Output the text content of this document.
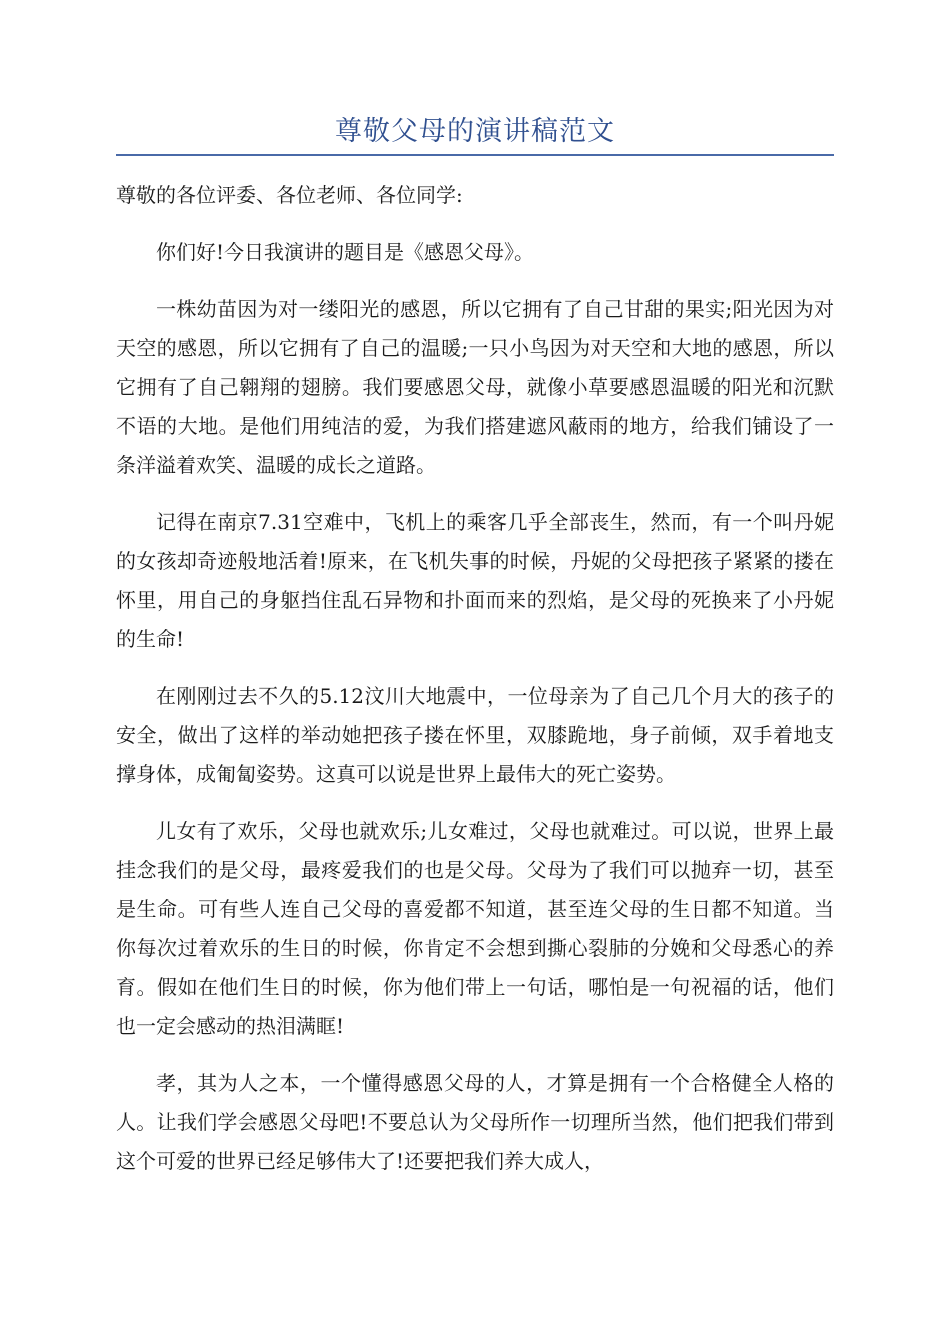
尊敬父母的演讲稿范文

尊敬的各位评委、各位老师、各位同学:

你们好!今日我演讲的题目是《感恩父母》。

一株幼苗因为对一缕阳光的感恩，所以它拥有了自己甘甜的果实;阳光因为对天空的感恩，所以它拥有了自己的温暖;一只小鸟因为对天空和大地的感恩，所以它拥有了自己翱翔的翅膀。我们要感恩父母，就像小草要感恩温暖的阳光和沉默不语的大地。是他们用纯洁的爱，为我们搭建遮风蔽雨的地方，给我们铺设了一条洋溢着欢笑、温暖的成长之道路。

记得在南京7.31空难中，飞机上的乘客几乎全部丧生，然而，有一个叫丹妮的女孩却奇迹般地活着!原来，在飞机失事的时候，丹妮的父母把孩子紧紧的搂在怀里，用自己的身躯挡住乱石异物和扑面而来的烈焰，是父母的死换来了小丹妮的生命!

在刚刚过去不久的5.12汶川大地震中，一位母亲为了自己几个月大的孩子的安全，做出了这样的举动她把孩子搂在怀里，双膝跪地，身子前倾，双手着地支撑身体，成匍匐姿势。这真可以说是世界上最伟大的死亡姿势。

儿女有了欢乐，父母也就欢乐;儿女难过，父母也就难过。可以说，世界上最挂念我们的是父母，最疼爱我们的也是父母。父母为了我们可以抛弃一切，甚至是生命。可有些人连自己父母的喜爱都不知道，甚至连父母的生日都不知道。当你每次过着欢乐的生日的时候，你肯定不会想到撕心裂肺的分娩和父母悉心的养育。假如在他们生日的时候，你为他们带上一句话，哪怕是一句祝福的话，他们也一定会感动的热泪满眶!

孝，其为人之本，一个懂得感恩父母的人，才算是拥有一个合格健全人格的人。让我们学会感恩父母吧!不要总认为父母所作一切理所当然，他们把我们带到这个可爱的世界已经足够伟大了!还要把我们养大成人，
